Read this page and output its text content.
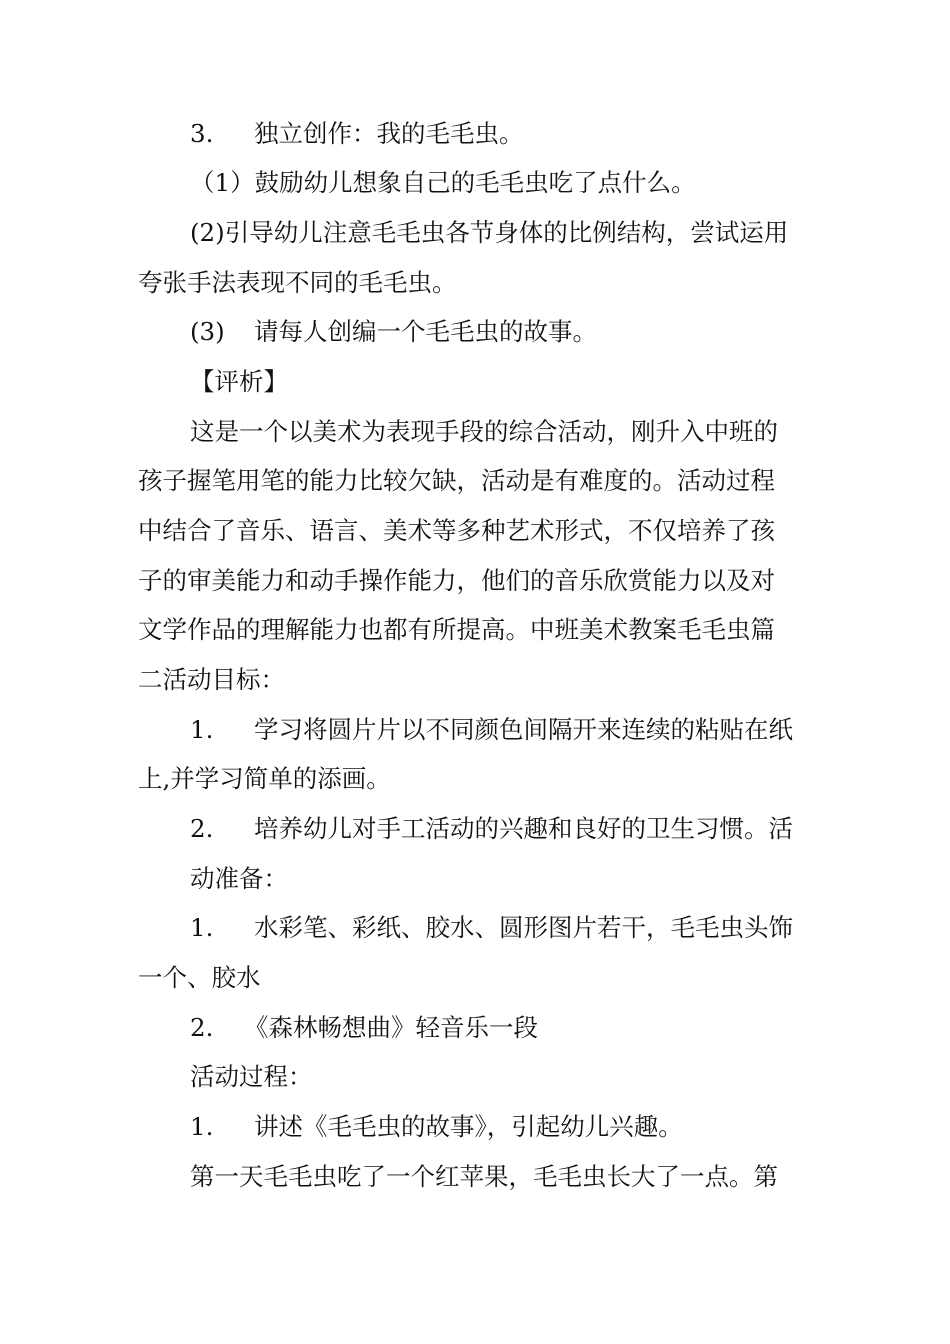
3. 独立创作：我的毛毛虫。
（1）鼓励幼儿想象自己的毛毛虫吃了点什么。
(2)引导幼儿注意毛毛虫各节身体的比例结构，尝试运用
夸张手法表现不同的毛毛虫。
(3) 请每人创编一个毛毛虫的故事。
【评析】
这是一个以美术为表现手段的综合活动，刚升入中班的
孩子握笔用笔的能力比较欠缺，活动是有难度的。活动过程
中结合了音乐、语言、美术等多种艺术形式，不仅培养了孩
子的审美能力和动手操作能力，他们的音乐欣赏能力以及对
文学作品的理解能力也都有所提高。中班美术教案毛毛虫篇
二活动目标：
1. 学习将圆片片以不同颜色间隔开来连续的粘贴在纸
上,并学习简单的添画。
2. 培养幼儿对手工活动的兴趣和良好的卫生习惯。活
动准备：
1. 水彩笔、彩纸、胶水、圆形图片若干，毛毛虫头饰
一个、胶水
2. 《森林畅想曲》轻音乐一段
活动过程：
1. 讲述《毛毛虫的故事》，引起幼儿兴趣。
第一天毛毛虫吃了一个红苹果，毛毛虫长大了一点。第
